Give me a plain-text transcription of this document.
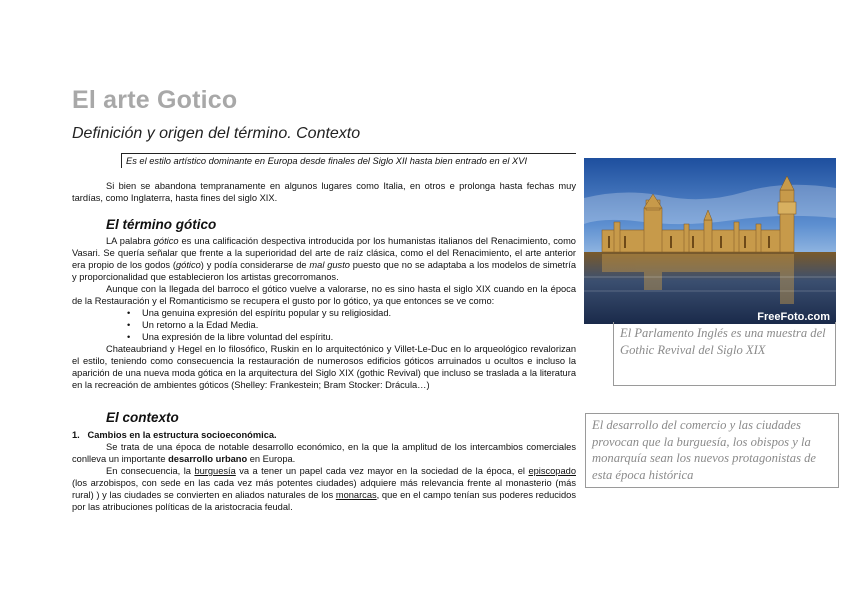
El arte Gotico
Definición y origen del término. Contexto
Es el estilo artístico dominante en Europa desde finales del Siglo XII hasta bien entrado en el XVI

Si bien se abandona tempranamente en algunos lugares como Italia, en otros e prolonga hasta fechas muy tardías, como Inglaterra, hasta fines del siglo XIX.

El término gótico

LA palabra gótico es una calificación despectiva introducida por los humanistas italianos del Renacimiento, como Vasari. Se quería señalar que frente a la superioridad del arte de raíz clásica, como el del Renacimiento, el arte anterior era propio de los godos (gótico) y podía considerarse de mal gusto puesto que no se adaptaba a los modelos de simetría y proporcionalidad que establecieron los artistas grecorromanos.

Aunque con la llegada del barroco el gótico vuelve a valorarse, no es sino hasta el siglo XIX cuando en la época de la Restauración y el Romanticismo se recupera el gusto por lo gótico, ya que entonces se ve como:

• Una genuina expresión del espíritu popular y su religiosidad.
• Un retorno a la Edad Media.
• Una expresión de la libre voluntad del espíritu.

Chateaubriand y Hegel en lo filosófico, Ruskin en lo arquitectónico y Villet-Le-Duc en lo arqueológico revalorizan el estilo, teniendo como consecuencia la restauración de numerosos edificios góticos arruinados u ocultos e incluso la aparición de una nueva moda gótica en la arquitectura del Siglo XIX (gothic Revival) que incluso se traslada a la literatura en la recreación de ambientes góticos (Shelley: Frankestein; Bram Stocker: Drácula…)

El contexto

1. Cambios en la estructura socioeconómica.

Se trata de una época de notable desarrollo económico, en la que la amplitud de los intercambios comerciales conlleva un importante desarrollo urbano en Europa.

En consecuencia, la burguesía va a tener un papel cada vez mayor en la sociedad de la época, el episcopado (los arzobispos, con sede en las cada vez más potentes ciudades) adquiere más relevancia frente al monasterio (más rural) ) y las ciudades se convierten en aliados naturales de los monarcas, que en el campo tenían sus poderes reducidos por las atribuciones políticas de la aristocracia feudal.

FreeFoto.com
El Parlamento Inglés es una muestra del Gothic Revival del Siglo XIX
El desarrollo del comercio y las ciudades provocan que la burguesía, los obispos y la monarquía sean los nuevos protagonistas de esta época histórica
